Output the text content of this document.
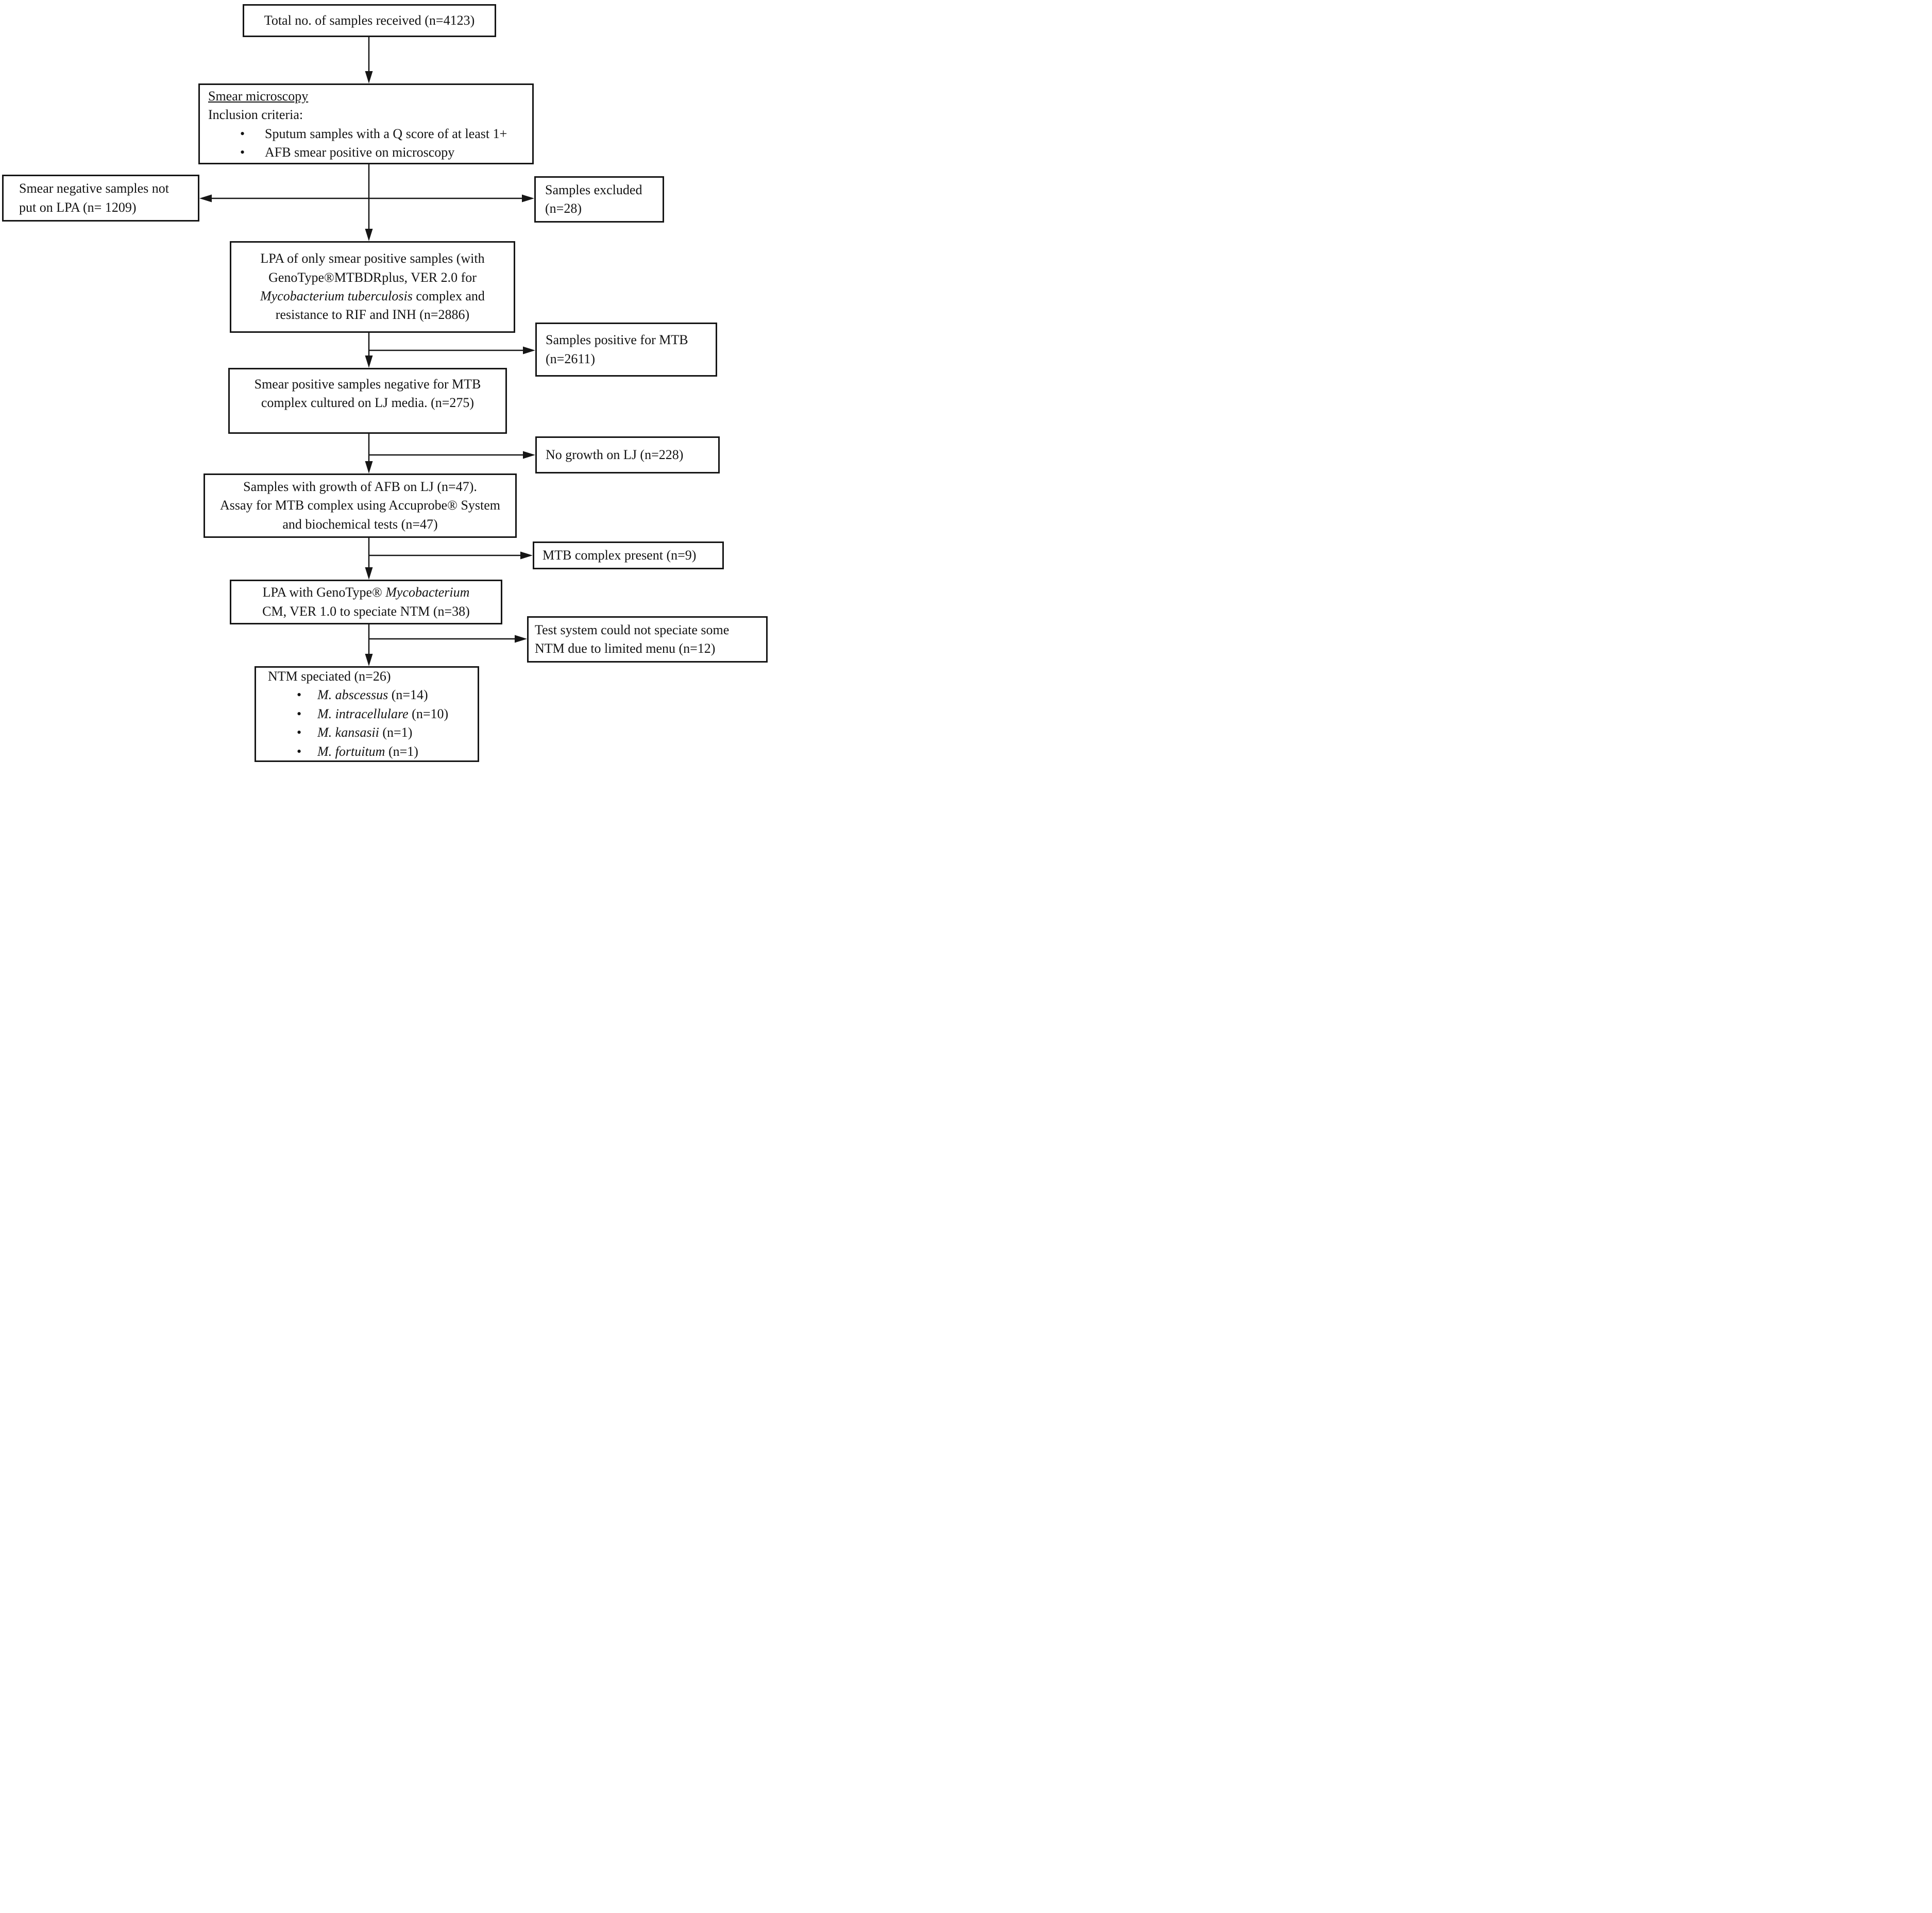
Total no. of samples received (n=4123)
Smear microscopy
Inclusion criteria:
•	Sputum samples with a Q score of at least 1+
•	AFB smear positive on microscopy
Smear negative samples not
put on LPA (n= 1209)
Samples excluded
(n=28)
LPA of only smear positive samples (with
GenoType®MTBDRplus, VER 2.0 for
Mycobacterium tuberculosis complex and
resistance to RIF and INH (n=2886)
Samples positive for MTB
(n=2611)
Smear positive samples negative for MTB
complex cultured on LJ media. (n=275)
No growth on LJ (n=228)
Samples with growth of AFB on LJ (n=47).
Assay for MTB complex using Accuprobe® System
and biochemical tests (n=47)
MTB complex present (n=9)
LPA with GenoType® Mycobacterium
CM, VER 1.0 to speciate NTM (n=38)
Test system could not speciate some
NTM due to limited menu (n=12)
NTM speciated (n=26)
•	M. abscessus (n=14)
•	M. intracellulare (n=10)
•	M. kansasii (n=1)
•	M. fortuitum (n=1)
